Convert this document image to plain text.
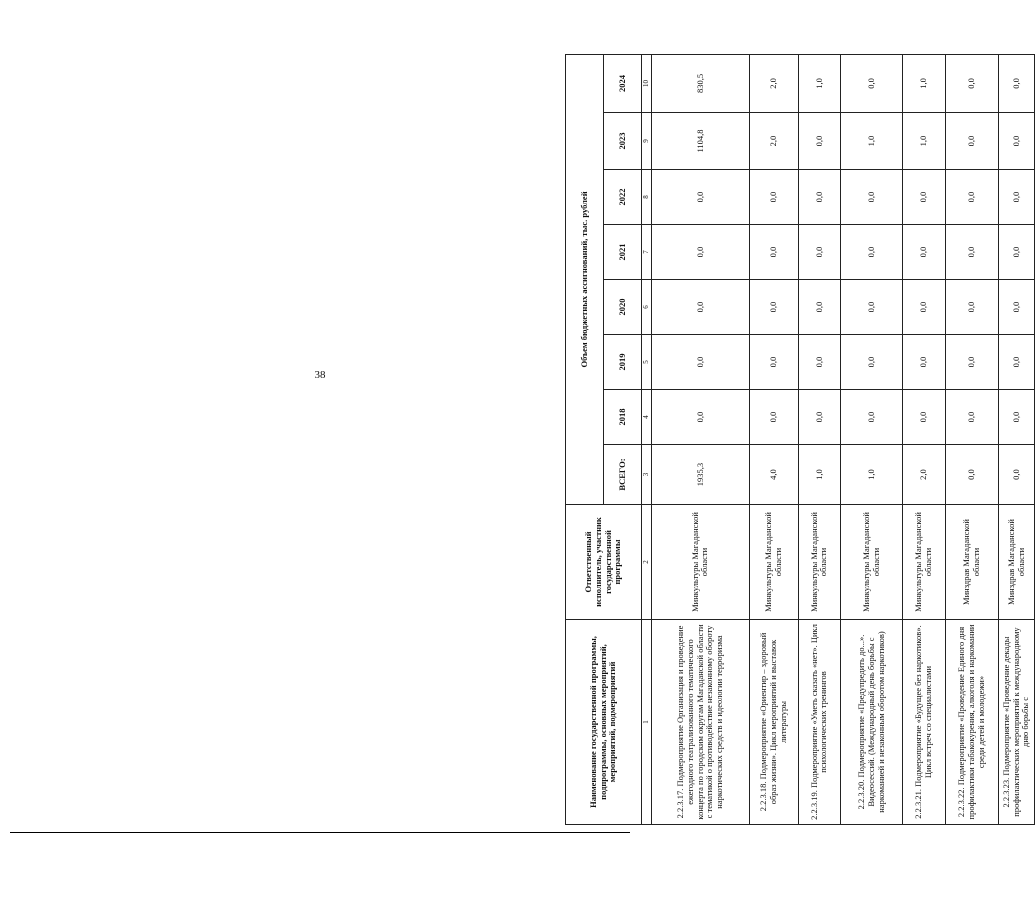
38
Наименование государственной программы, подпрограммы, основных мероприятий, мероприятий, подмероприятий	Ответственный исполнитель, участник государственной программы	Объем бюджетных ассигнований, тыс. рублей							
		ВСЕГО:	2018	2019	2020	2021	2022	2023	2024
1	2	3	4	5	6	7	8	9	10
2.2.3.17. Подмероприятие Организация и проведение ежегодного театрализованного тематического концерта по городским округам Магаданской области с тематикой о противодействие незаконному обороту наркотических средств и идеологии терроризма	Минкультуры Магаданской области	1935,3	0,0	0,0	0,0	0,0	0,0	1104,8	830,5
2.2.3.18. Подмероприятие «Ориентир – здоровый образ жизни». Цикл мероприятий и выставок литературы	Минкультуры Магаданской области	4,0	0,0	0,0	0,0	0,0	0,0	2,0	2,0
2.2.3.19. Подмероприятие «Уметь сказать «нет». Цикл психологических тренингов	Минкультуры Магаданской области	1,0	0,0	0,0	0,0	0,0	0,0	0,0	1,0
2.2.3.20. Подмероприятие «Предупредить до...». Видеосессий. (Международный день борьбы с наркоманией и незаконным оборотом наркотиков)	Минкультуры Магаданской области	1,0	0,0	0,0	0,0	0,0	0,0	1,0	0,0
2.2.3.21. Подмероприятие «Будущее без наркотиков». Цикл встреч со специалистами	Минкультуры Магаданской области	2,0	0,0	0,0	0,0	0,0	0,0	1,0	1,0
2.2.3.22. Подмероприятие «Проведение Единого дня профилактики табакокурения, алкоголя и наркомании среди детей и молодежи»	Минздрав Магаданской области	0,0	0,0	0,0	0,0	0,0	0,0	0,0	0,0
2.2.3.23. Подмероприятие «Проведение декады профилактических мероприятий к международному дню борьбы с	Минздрав Магаданской области	0,0	0,0	0,0	0,0	0,0	0,0	0,0	0,0
